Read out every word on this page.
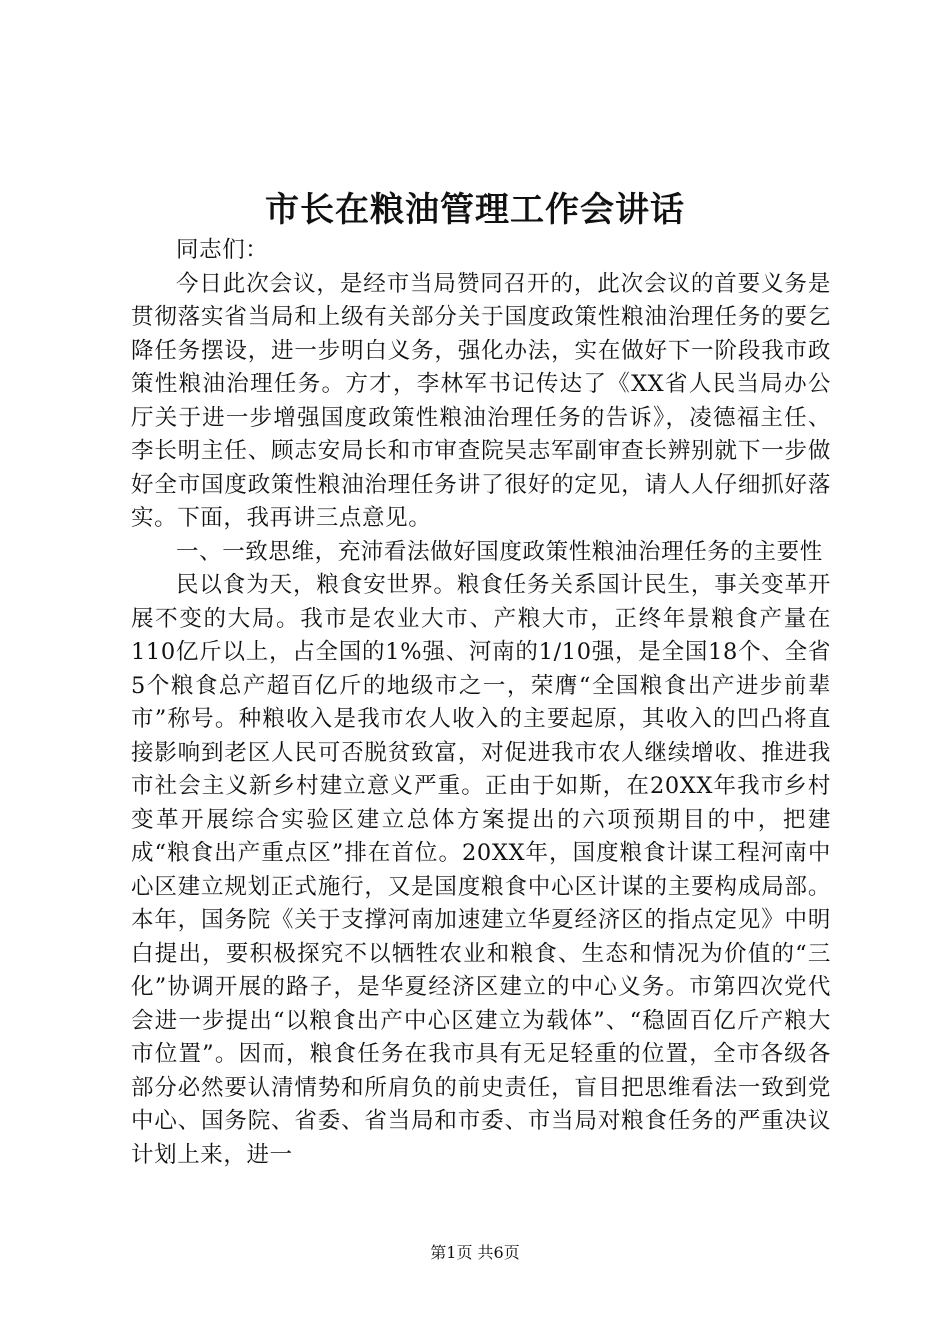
市长在粮油管理工作会讲话

同志们：

今日此次会议，是经市当局赞同召开的，此次会议的首要义务是贯彻落实省当局和上级有关部分关于国度政策性粮油治理任务的要乞降任务摆设，进一步明白义务，强化办法，实在做好下一阶段我市政策性粮油治理任务。方才，李林军书记传达了《XX省人民当局办公厅关于进一步增强国度政策性粮油治理任务的告诉》，凌德福主任、李长明主任、顾志安局长和市审查院吴志军副审查长辨别就下一步做好全市国度政策性粮油治理任务讲了很好的定见，请人人仔细抓好落实。下面，我再讲三点意见。

一、一致思维，充沛看法做好国度政策性粮油治理任务的主要性

民以食为天，粮食安世界。粮食任务关系国计民生，事关变革开展不变的大局。我市是农业大市、产粮大市，正终年景粮食产量在110亿斤以上，占全国的1%强、河南的1/10强，是全国18个、全省5个粮食总产超百亿斤的地级市之一，荣膺“全国粮食出产进步前辈市”称号。种粮收入是我市农人收入的主要起原，其收入的凹凸将直接影响到老区人民可否脱贫致富，对促进我市农人继续增收、推进我市社会主义新乡村建立意义严重。正由于如斯，在20XX年我市乡村变革开展综合实验区建立总体方案提出的六项预期目的中，把建成“粮食出产重点区”排在首位。20XX年，国度粮食计谋工程河南中心区建立规划正式施行，又是国度粮食中心区计谋的主要构成局部。本年，国务院《关于支撑河南加速建立华夏经济区的指点定见》中明白提出，要积极探究不以牺牲农业和粮食、生态和情况为价值的“三化”协调开展的路子，是华夏经济区建立的中心义务。市第四次党代会进一步提出“以粮食出产中心区建立为载体”、“稳固百亿斤产粮大市位置”。因而，粮食任务在我市具有无足轻重的位置，全市各级各部分必然要认清情势和所肩负的前史责任，盲目把思维看法一致到党中心、国务院、省委、省当局和市委、市当局对粮食任务的严重决议计划上来，进一

第1页 共6页
